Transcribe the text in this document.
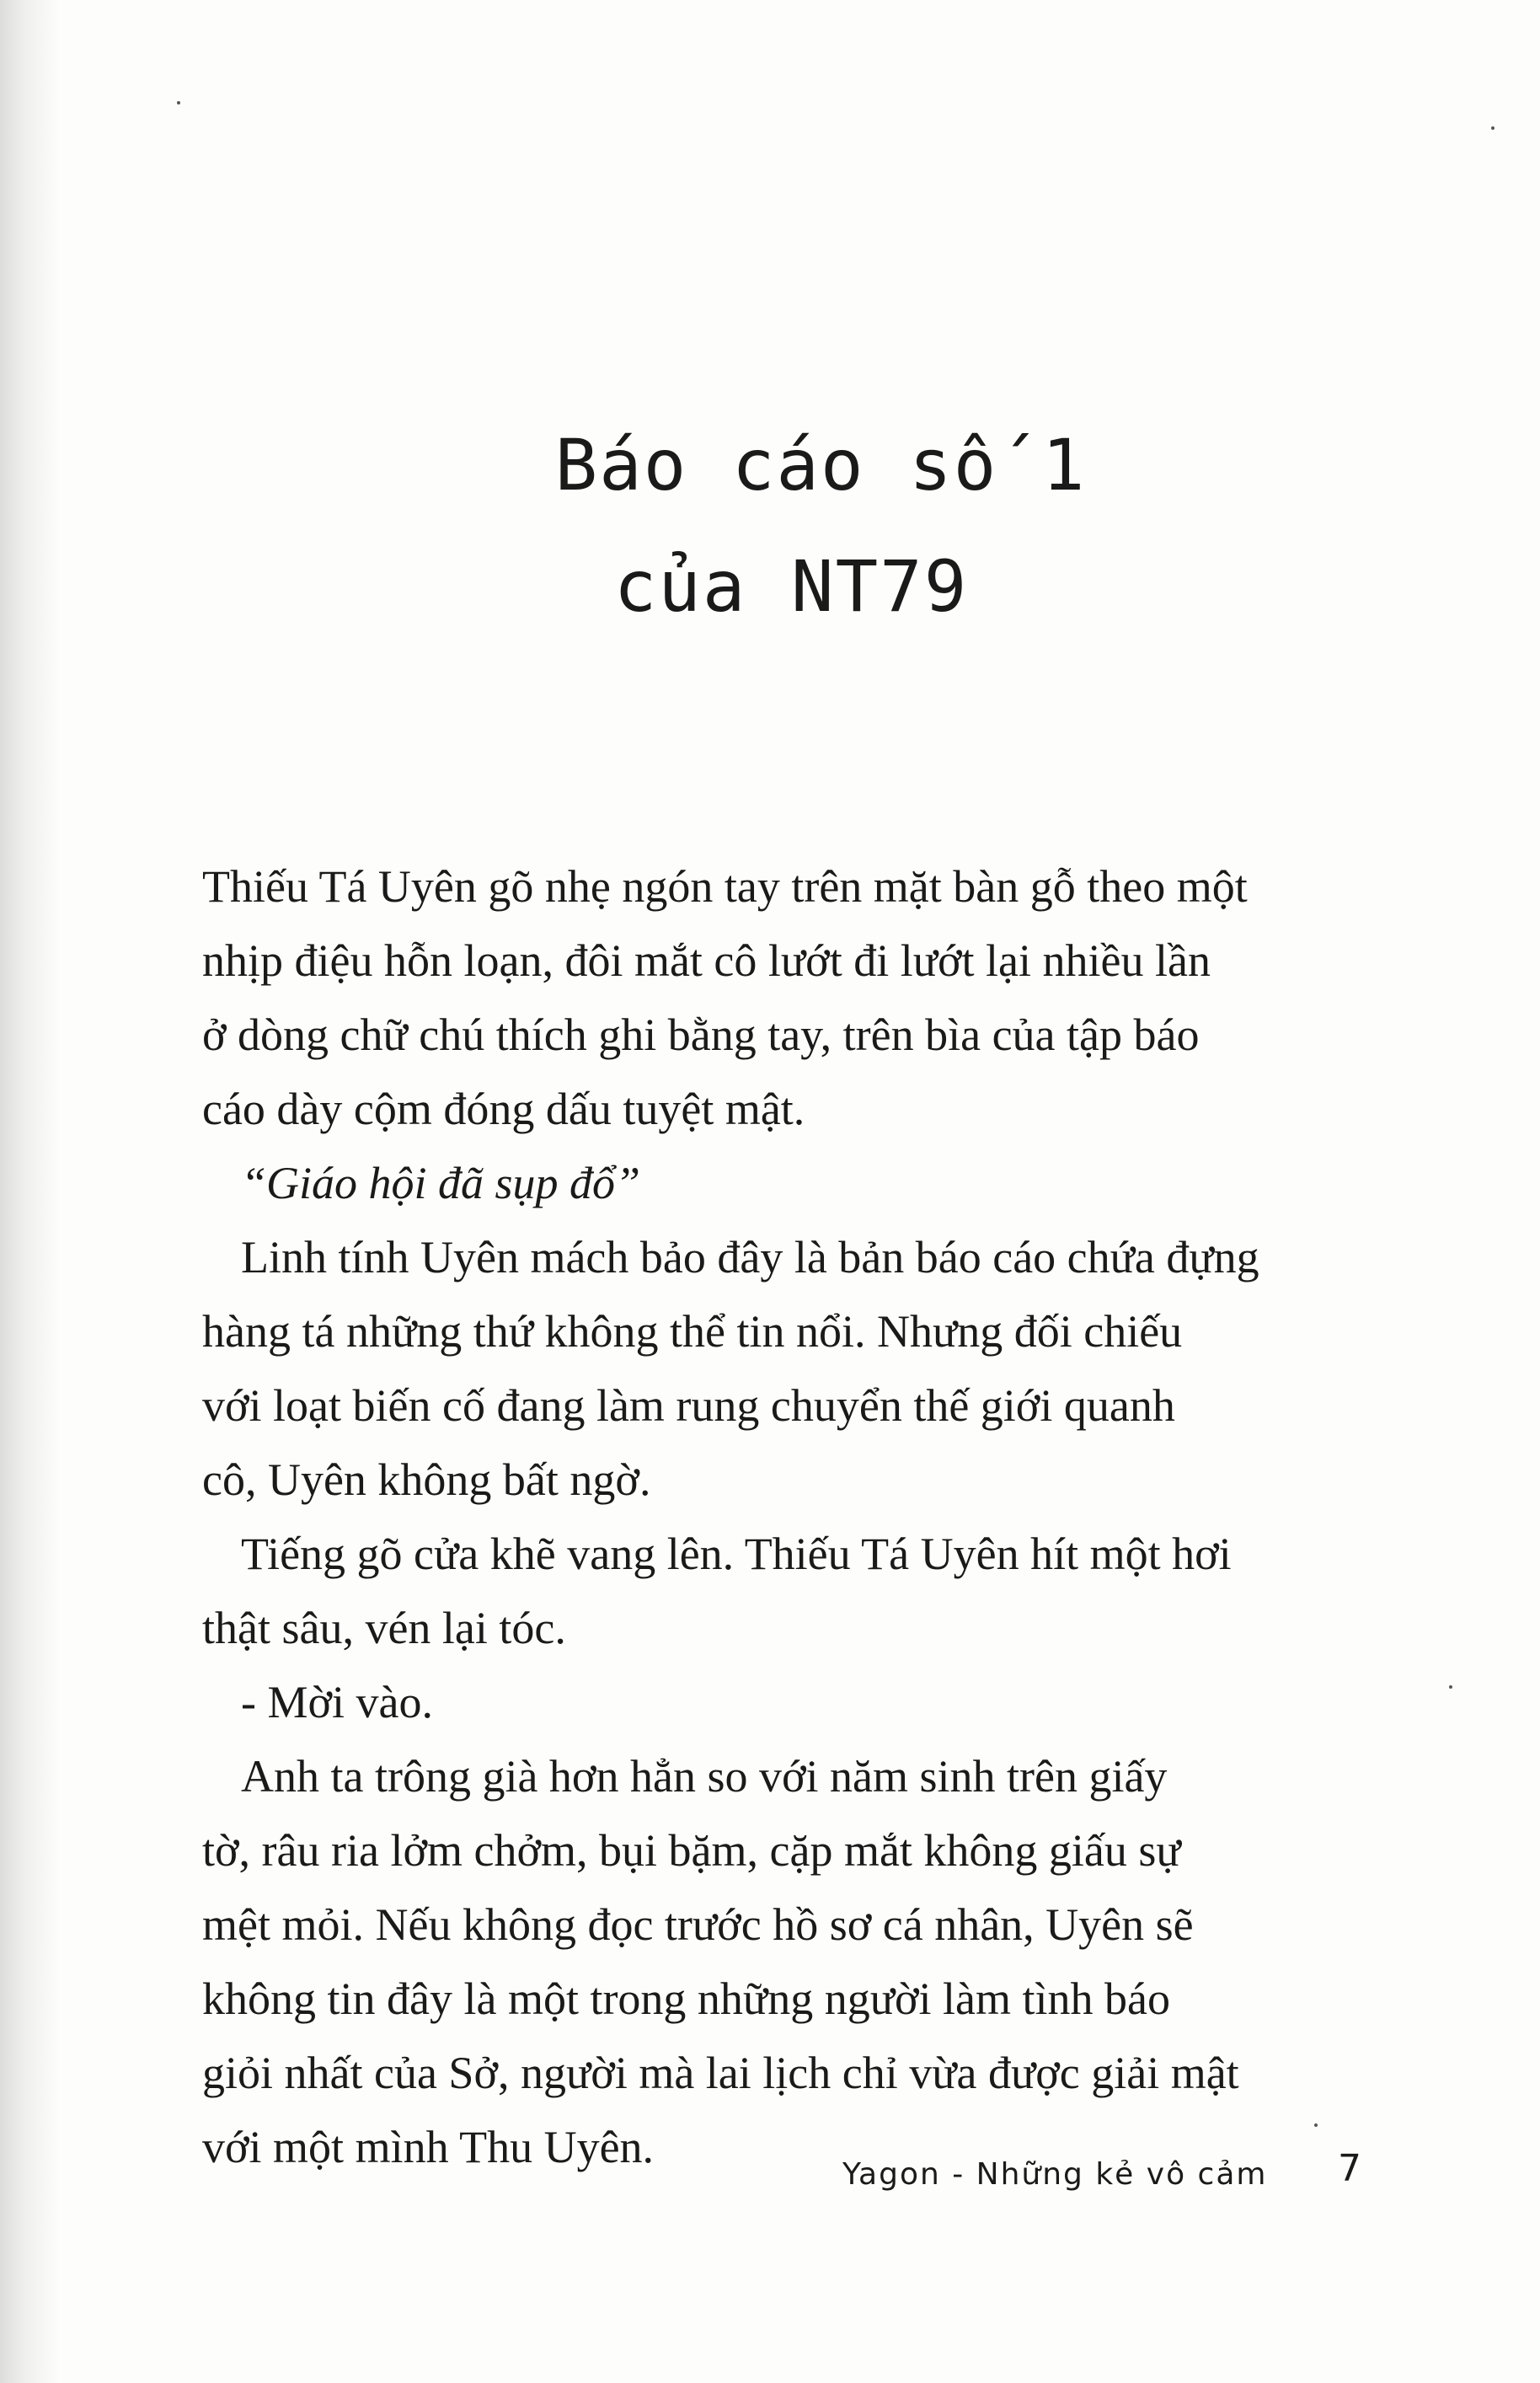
Báo cáo số 1
của NT79

Thiếu Tá Uyên gõ nhẹ ngón tay trên mặt bàn gỗ theo một
nhịp điệu hỗn loạn, đôi mắt cô lướt đi lướt lại nhiều lần
ở dòng chữ chú thích ghi bằng tay, trên bìa của tập báo
cáo dày cộm đóng dấu tuyệt mật.

“Giáo hội đã sụp đổ”

Linh tính Uyên mách bảo đây là bản báo cáo chứa đựng
hàng tá những thứ không thể tin nổi. Nhưng đối chiếu
với loạt biến cố đang làm rung chuyển thế giới quanh
cô, Uyên không bất ngờ.

Tiếng gõ cửa khẽ vang lên. Thiếu Tá Uyên hít một hơi
thật sâu, vén lại tóc.

- Mời vào.

Anh ta trông già hơn hẳn so với năm sinh trên giấy
tờ, râu ria lởm chởm, bụi bặm, cặp mắt không giấu sự
mệt mỏi. Nếu không đọc trước hồ sơ cá nhân, Uyên sẽ
không tin đây là một trong những người làm tình báo
giỏi nhất của Sở, người mà lai lịch chỉ vừa được giải mật
với một mình Thu Uyên.

Yagon - Những kẻ vô cảm 7
